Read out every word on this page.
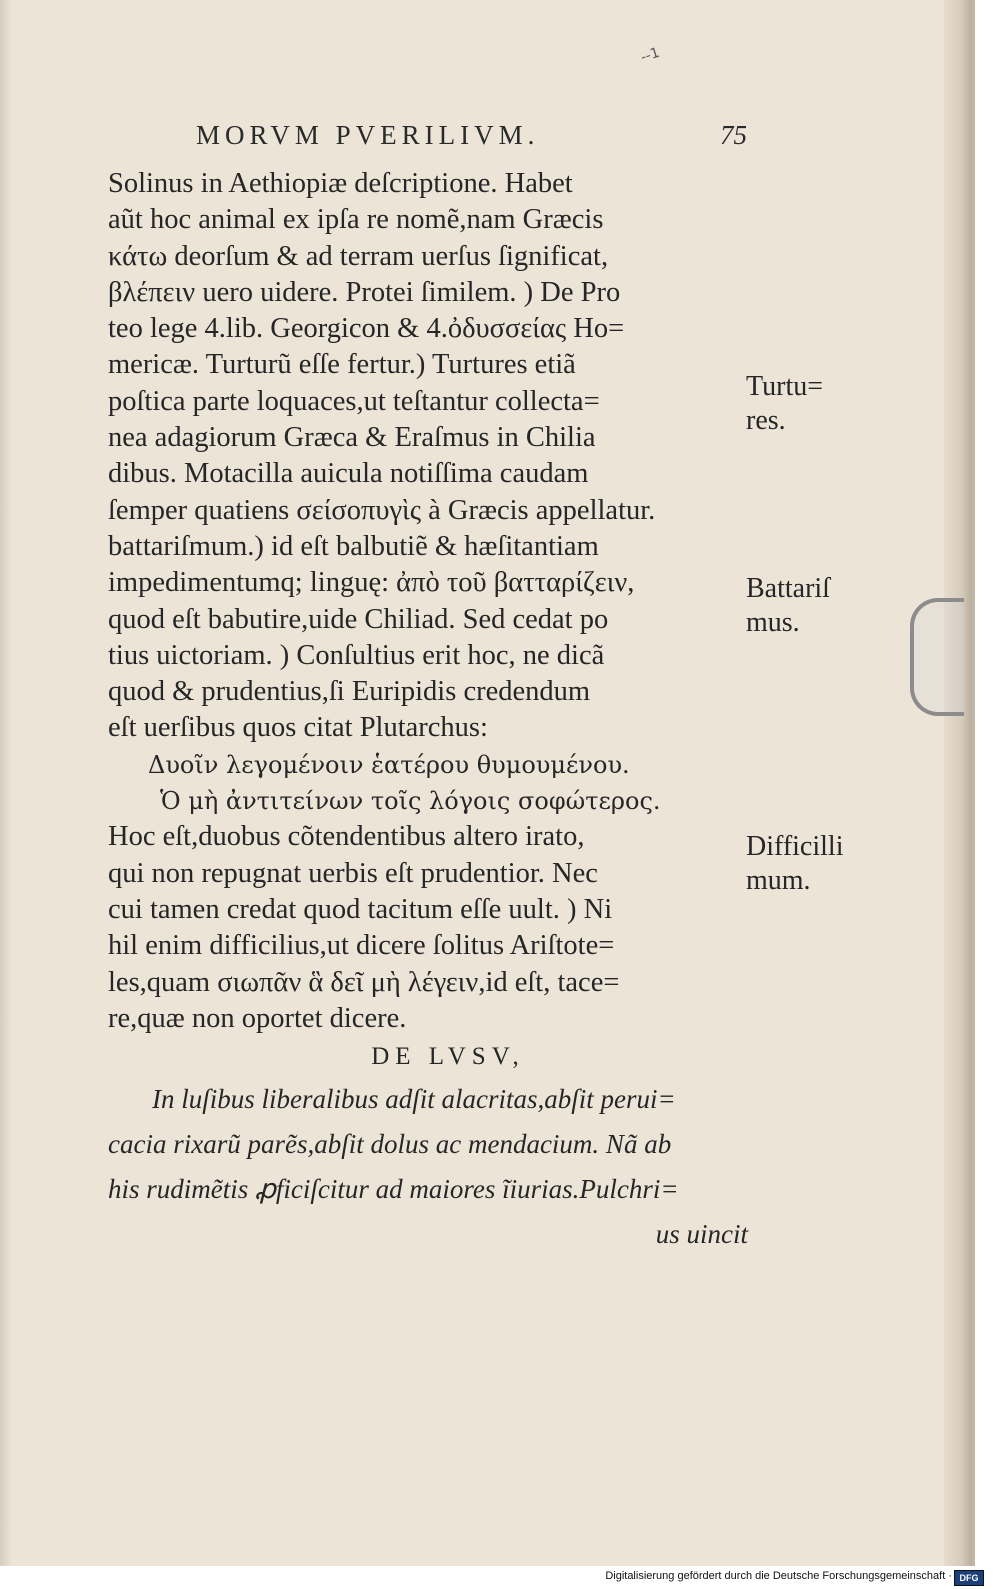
--1
MORVM PVERILIVM.	75
Solinus in Aethiopiæ deſcriptione. Habet
aũt hoc animal ex ipſa re nomẽ,nam Græcis
κάτω deorſum & ad terram uerſus ſignificat,
βλέπειν uero uidere. Protei ſimilem. ) De Pro
teo lege 4.lib. Georgicon & 4.ὀδυσσείας Ho=
mericæ. Turturũ eſſe fertur.) Turtures etiã
poſtica parte loquaces,ut teſtantur collecta=
nea adagiorum Græca & Eraſmus in Chilia
dibus. Motacilla auicula notiſſima caudam
ſemper quatiens σείσοπυγὶς à Græcis appellatur.
battariſmum.) id eſt balbutiẽ & hæſitantiam
impedimentumq; linguę: ἀπὸ τοῦ βατταρίζειν,
quod eſt babutire,uide Chiliad. Sed cedat po
tius uictoriam. ) Conſultius erit hoc, ne dicã
quod & prudentius,ſi Euripidis credendum
eſt uerſibus quos citat Plutarchus:
Δυοῖν λεγομένοιν ἑατέρου θυμουμένου.
Ὁ μὴ ἀντιτείνων τοῖς λόγοις σοφώτερος.
Hoc eſt,duobus cõtendentibus altero irato,
qui non repugnat uerbis eſt prudentior. Nec
cui tamen credat quod tacitum eſſe uult. ) Ni
hil enim difficilius,ut dicere ſolitus Ariſtote=
les,quam σιωπᾶν ἃ δεῖ μὴ λέγειν,id eſt, tace=
re,quæ non oportet dicere.
DE LVSV,
In luſibus liberalibus adſit alacritas,abſit perui=
cacia rixarũ parẽs,abſit dolus ac mendacium. Nã ab
his rudimẽtis ꝓficiſcitur ad maiores ĩiurias.Pulchri=
us uincit
Turtu=
res.
Battariſ
mus.
Difficilli
mum.
Digitalisierung gefördert durch die Deutsche Forschungsgemeinschaft · DFG
